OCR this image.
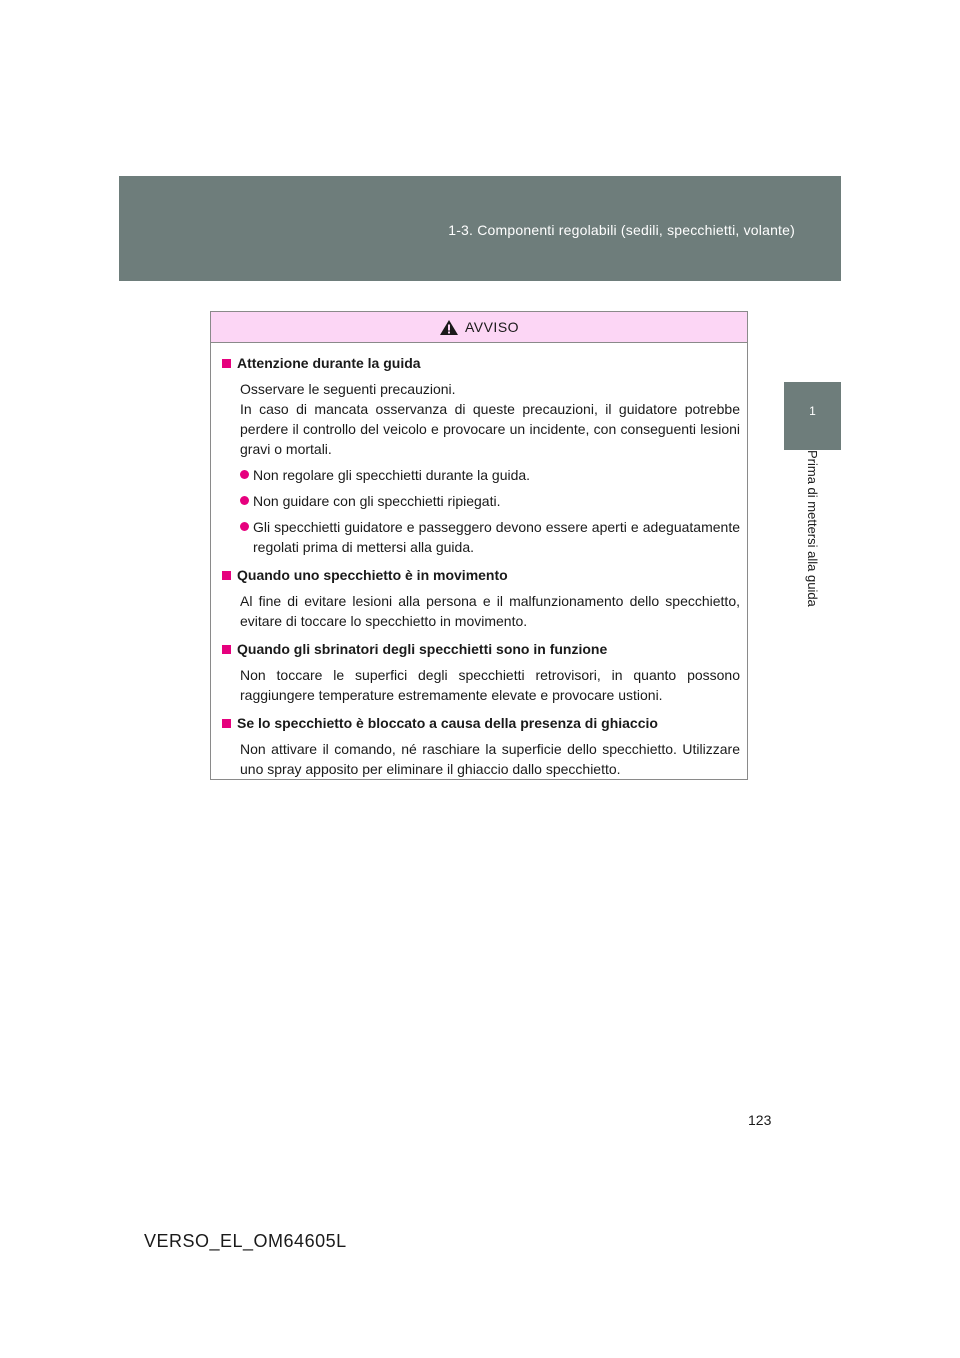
1-3. Componenti regolabili (sedili, specchietti, volante)
1
Prima di mettersi alla guida
AVVISO
Attenzione durante la guida

Osservare le seguenti precauzioni.

In caso di mancata osservanza di queste precauzioni, il guidatore potrebbe perdere il controllo del veicolo e provocare un incidente, con conseguenti lesioni gravi o mortali.

Non regolare gli specchietti durante la guida.
Non guidare con gli specchietti ripiegati.
Gli specchietti guidatore e passeggero devono essere aperti e adeguatamente regolati prima di mettersi alla guida.
Quando uno specchietto è in movimento

Al fine di evitare lesioni alla persona e il malfunzionamento dello specchietto, evitare di toccare lo specchietto in movimento.

Quando gli sbrinatori degli specchietti sono in funzione

Non toccare le superfici degli specchietti retrovisori, in quanto possono raggiungere temperature estremamente elevate e provocare ustioni.

Se lo specchietto è bloccato a causa della presenza di ghiaccio

Non attivare il comando, né raschiare la superficie dello specchietto. Utilizzare uno spray apposito per eliminare il ghiaccio dallo specchietto.

123
VERSO_EL_OM64605L
